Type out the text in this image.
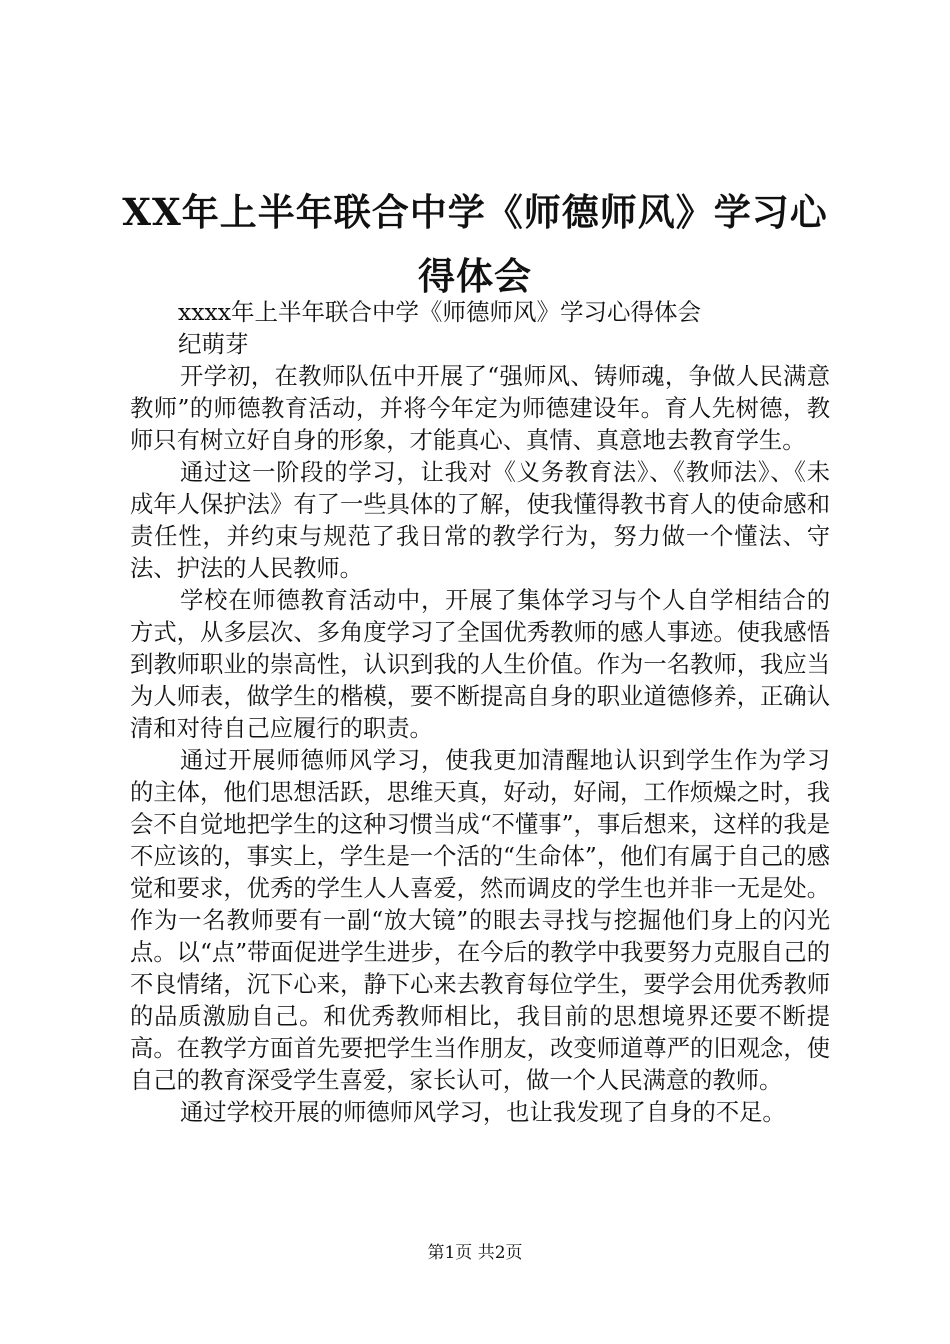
XX年上半年联合中学《师德师风》学习心得体会
xxxx年上半年联合中学《师德师风》学习心得体会
纪萌芽

开学初，在教师队伍中开展了“强师风、铸师魂，争做人民满意教师”的师德教育活动，并将今年定为师德建设年。育人先树德，教师只有树立好自身的形象，才能真心、真情、真意地去教育学生。

通过这一阶段的学习，让我对《义务教育法》、《教师法》、《未成年人保护法》有了一些具体的了解，使我懂得教书育人的使命感和责任性，并约束与规范了我日常的教学行为，努力做一个懂法、守法、护法的人民教师。

学校在师德教育活动中，开展了集体学习与个人自学相结合的方式，从多层次、多角度学习了全国优秀教师的感人事迹。使我感悟到教师职业的崇高性，认识到我的人生价值。作为一名教师，我应当为人师表，做学生的楷模，要不断提高自身的职业道德修养，正确认清和对待自己应履行的职责。

通过开展师德师风学习，使我更加清醒地认识到学生作为学习的主体，他们思想活跃，思维天真，好动，好闹，工作烦燥之时，我会不自觉地把学生的这种习惯当成“不懂事”，事后想来，这样的我是不应该的，事实上，学生是一个活的“生命体”，他们有属于自己的感觉和要求，优秀的学生人人喜爱，然而调皮的学生也并非一无是处。作为一名教师要有一副“放大镜”的眼去寻找与挖掘他们身上的闪光点。以“点”带面促进学生进步，在今后的教学中我要努力克服自己的不良情绪，沉下心来，静下心来去教育每位学生，要学会用优秀教师的品质激励自己。和优秀教师相比，我目前的思想境界还要不断提高。在教学方面首先要把学生当作朋友，改变师道尊严的旧观念，使自己的教育深受学生喜爱，家长认可，做一个人民满意的教师。

通过学校开展的师德师风学习，也让我发现了自身的不足。

第1页 共2页
